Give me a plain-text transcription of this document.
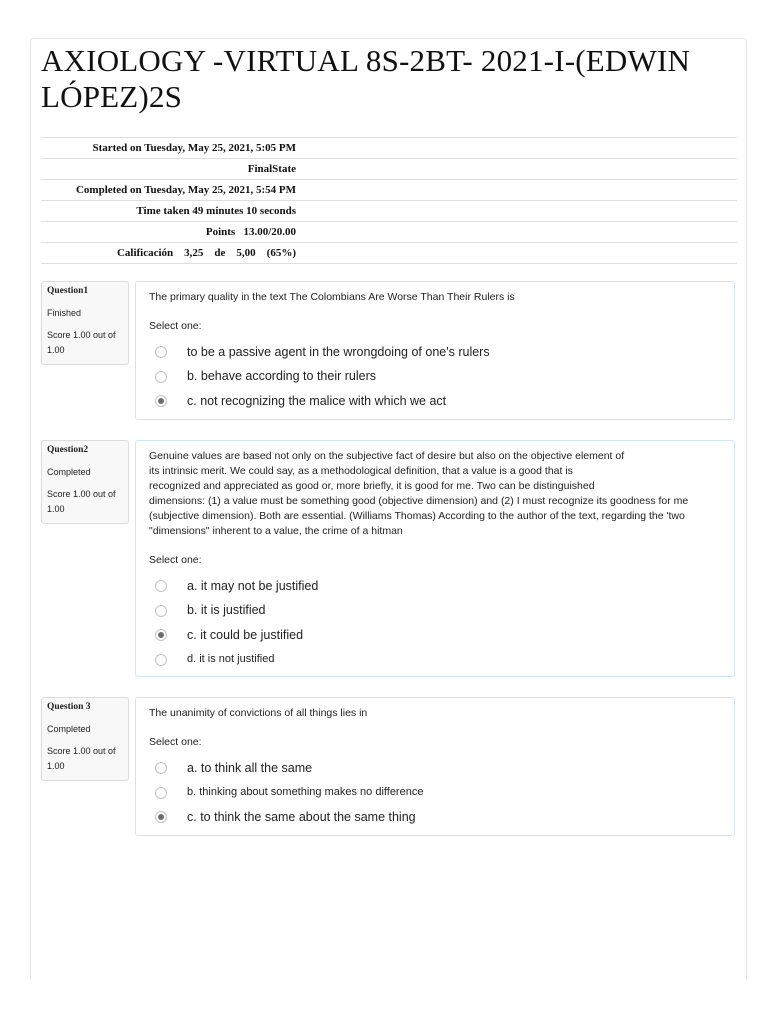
AXIOLOGY -VIRTUAL 8S-2BT- 2021-I-(EDWIN LÓPEZ)2S
Started on Tuesday, May 25, 2021, 5:05 PM	
FinalState	
Completed on Tuesday, May 25, 2021, 5:54 PM	
Time taken 49 minutes 10 seconds	
Points 13.00/20.00	
Calificación 3,25    de    5,00    (65%)	
Question1
Finished
Score 1.00 out of 1.00

The primary quality in the text The Colombians Are Worse Than Their Rulers is

Select one:
to be a passive agent in the wrongdoing of one's rulers
b. behave according to their rulers
c. not recognizing the malice with which we act
Question2
Completed
Score 1.00 out of 1.00

Genuine values are based not only on the subjective fact of desire but also on the objective element of

its intrinsic merit. We could say, as a methodological definition, that a value is a good that is

recognized and appreciated as good or, more briefly, it is good for me. Two can be distinguished

dimensions: (1) a value must be something good (objective dimension) and (2) I must recognize its goodness for me

(subjective dimension). Both are essential. (Williams Thomas) According to the author of the text, regarding the 'two

"dimensions" inherent to a value, the crime of a hitman

Select one:
a. it may not be justified
b. it is justified
c. it could be justified
d. it is not justified
Question 3
Completed
Score 1.00 out of 1.00

The unanimity of convictions of all things lies in

Select one:
a. to think all the same
b. thinking about something makes no difference
c. to think the same about the same thing
